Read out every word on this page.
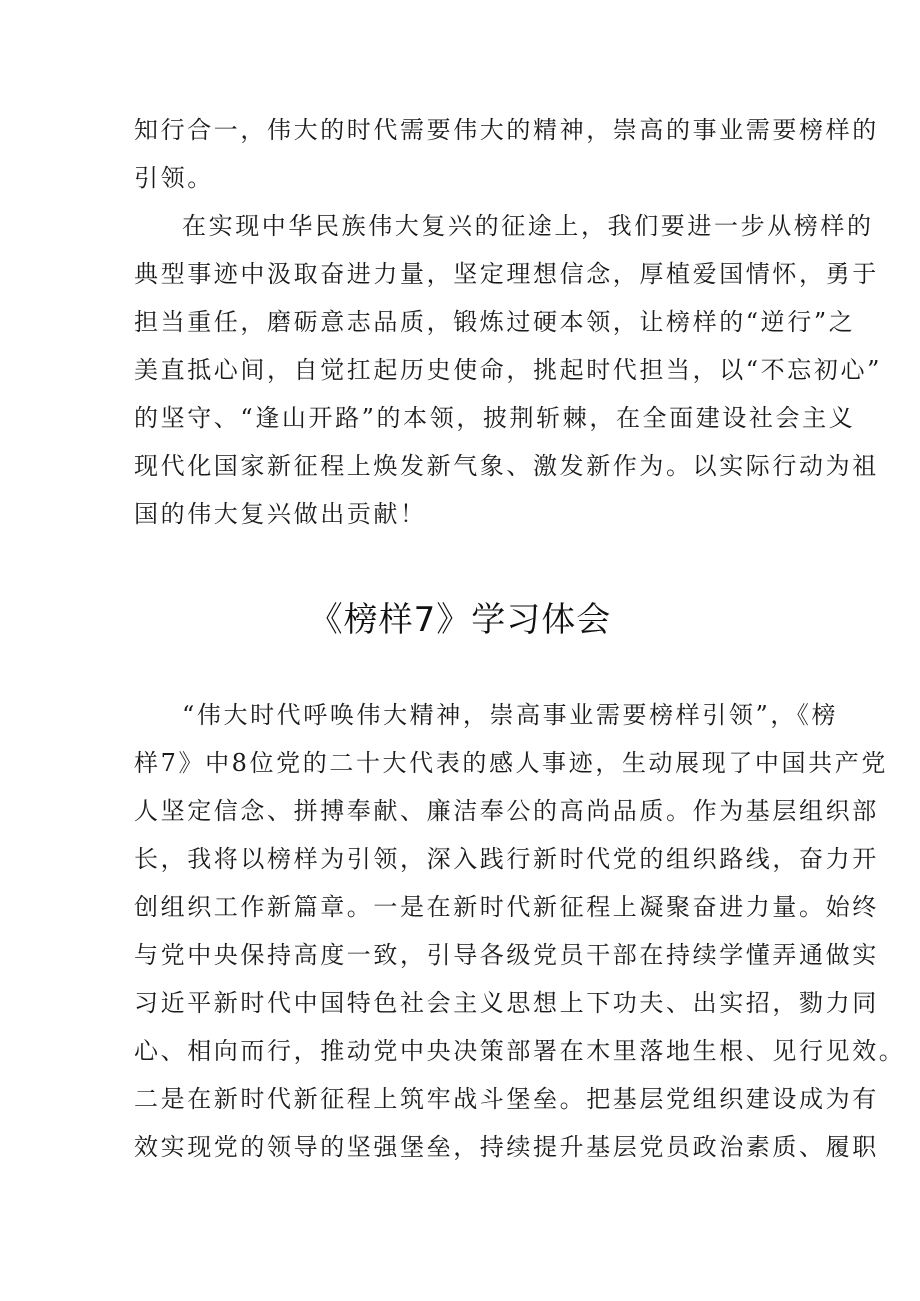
知行合一，伟大的时代需要伟大的精神，崇高的事业需要榜样的
引领。
在实现中华民族伟大复兴的征途上，我们要进一步从榜样的
典型事迹中汲取奋进力量，坚定理想信念，厚植爱国情怀，勇于
担当重任，磨砺意志品质，锻炼过硬本领，让榜样的“逆行”之
美直抵心间，自觉扛起历史使命，挑起时代担当，以“不忘初心”
的坚守、“逢山开路”的本领，披荆斩棘，在全面建设社会主义
现代化国家新征程上焕发新气象、激发新作为。以实际行动为祖
国的伟大复兴做出贡献！
《榜样7》学习体会
“伟大时代呼唤伟大精神，崇高事业需要榜样引领”，《榜
样7》中8位党的二十大代表的感人事迹，生动展现了中国共产党
人坚定信念、拼搏奉献、廉洁奉公的高尚品质。作为基层组织部
长，我将以榜样为引领，深入践行新时代党的组织路线，奋力开
创组织工作新篇章。一是在新时代新征程上凝聚奋进力量。始终
与党中央保持高度一致，引导各级党员干部在持续学懂弄通做实
习近平新时代中国特色社会主义思想上下功夫、出实招，勠力同
心、相向而行，推动党中央决策部署在木里落地生根、见行见效。
二是在新时代新征程上筑牢战斗堡垒。把基层党组织建设成为有
效实现党的领导的坚强堡垒，持续提升基层党员政治素质、履职
